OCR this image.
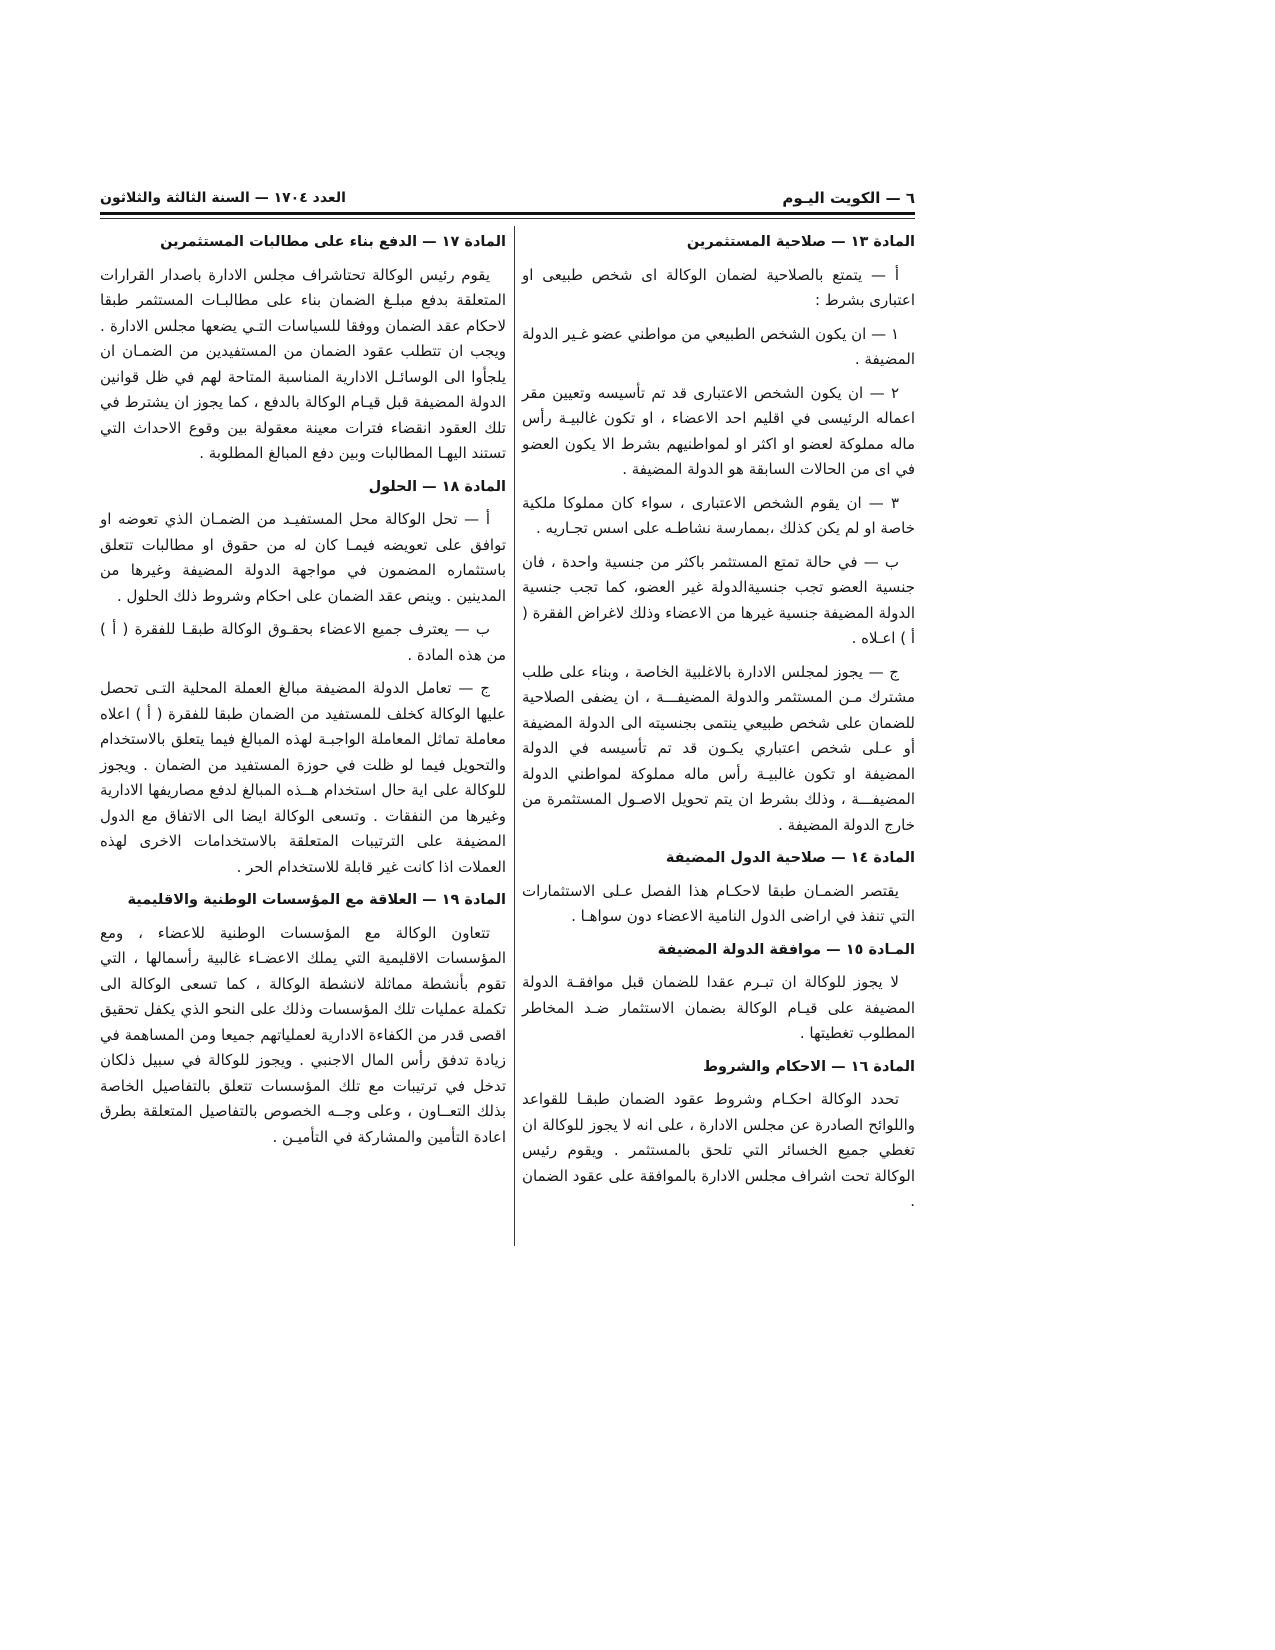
٦ — الكويت اليـوم
العدد ١٧٠٤ — السنة الثالثة والثلاثون
المادة ١٣ — صلاحية المستثمرين

أ — يتمتع بالصلاحية لضمان الوكالة اى شخص طبيعى او اعتبارى بشرط :

١ — ان يكون الشخص الطبيعي من مواطني عضو غـير الدولة المضيفة .

٢ — ان يكون الشخص الاعتبارى قد تم تأسيسه وتعيين مقر اعماله الرئيسى في اقليم احد الاعضاء ، او تكون غالبيـة رأس ماله مملوكة لعضو او اكثر او لمواطنيهم بشرط الا يكون العضو في اى من الحالات السابقة هو الدولة المضيفة .

٣ — ان يقوم الشخص الاعتبارى ، سواء كان مملوكا ملكية خاصة او لم يكن كذلك ،بممارسة نشاطـه على اسس تجـاريه .

ب — في حالة تمتع المستثمر باكثر من جنسية واحدة ، فان جنسية العضو تجب جنسيةالدولة غير العضو، كما تجب جنسية الدولة المضيفة جنسية غيرها من الاعضاء وذلك لاغراض الفقرة ( أ ) اعـلاه .

ج — يجوز لمجلس الادارة بالاغلبية الخاصة ، وبناء على طلب مشترك مـن المستثمر والدولة المضيفـــة ، ان يضفى الصلاحية للضمان على شخص طبيعي ينتمى بجنسيته الى الدولة المضيفة أو عـلى شخص اعتباري يكـون قد تم تأسيسه في الدولة المضيفة او تكون غالبيـة رأس ماله مملوكة لمواطني الدولة المضيفـــة ، وذلك بشرط ان يتم تحويل الاصـول المستثمرة من خارج الدولة المضيفة .

المادة ١٤ — صلاحية الدول المضيفة

يقتصر الضمـان طبقا لاحكـام هذا الفصل عـلى الاستثمارات التي تنفذ في اراضى الدول النامية الاعضاء دون سواهـا .

المـادة ١٥ — موافقة الدولة المضيفة

لا يجوز للوكالة ان تبـرم عقدا للضمان قبل موافقـة الدولة المضيفة على قيـام الوكالة بضمان الاستثمار ضـد المخاطر المطلوب تغطيتها .

المادة ١٦ — الاحكام والشروط

تحدد الوكالة احكـام وشروط عقود الضمان طبقـا للقواعد واللوائح الصادرة عن مجلس الادارة ، على انه لا يجوز للوكالة ان تغطي جميع الخسائر التي تلحق بالمستثمر . ويقوم رئيس الوكالة تحت اشراف مجلس الادارة بالموافقة على عقود الضمان .

المادة ١٧ — الدفع بناء على مطالبات المستثمرين

يقوم رئيس الوكالة تحتاشراف مجلس الادارة باصدار القرارات المتعلقة بدفع مبلـغ الضمان بناء على مطالبـات المستثمر طبقا لاحكام عقد الضمان ووفقا للسياسات التـي يضعها مجلس الادارة . ويجب ان تتطلب عقود الضمان من المستفيدين من الضمـان ان يلجأوا الى الوسائـل الادارية المناسبة المتاحة لهم في ظل قوانين الدولة المضيفة قبل قيـام الوكالة بالدفع ، كما يجوز ان يشترط في تلك العقود انقضاء فترات معينة معقولة بين وقوع الاحداث التي تستند اليهـا المطالبات وبين دفع المبالغ المطلوبة .

المادة ١٨ — الحلول

أ — تحل الوكالة محل المستفيـد من الضمـان الذي تعوضه او توافق على تعويضه فيمـا كان له من حقوق او مطالبات تتعلق باستثماره المضمون في مواجهة الدولة المضيفة وغيرها من المدينين . وينص عقد الضمان على احكام وشروط ذلك الحلول .

ب — يعترف جميع الاعضاء بحقـوق الوكالة طبقـا للفقرة ( أ ) من هذه المادة .

ج — تعامل الدولة المضيفة مبالغ العملة المحلية التـى تحصل عليها الوكالة كخلف للمستفيد من الضمان طبقا للفقرة ( أ ) اعلاه معاملة تماثل المعاملة الواجبـة لهذه المبالغ فيما يتعلق بالاستخدام والتحويل فيما لو ظلت في حوزة المستفيد من الضمان . ويجوز للوكالة على اية حال استخدام هــذه المبالغ لدفع مصاريفها الادارية وغيرها من النفقات . وتسعى الوكالة ايضا الى الاتفاق مع الدول المضيفة على الترتيبات المتعلقة بالاستخدامات الاخرى لهذه العملات اذا كانت غير قابلة للاستخدام الحر .

المادة ١٩ — العلاقة مع المؤسسات الوطنية والاقليمية

تتعاون الوكالة مع المؤسسات الوطنية للاعضاء ، ومع المؤسسات الاقليمية التي يملك الاعضـاء غالبية رأسمالها ، التي تقوم بأنشطة مماثلة لانشطة الوكالة ، كما تسعى الوكالة الى تكملة عمليات تلك المؤسسات وذلك على النحو الذي يكفل تحقيق اقصى قدر من الكفاءة الادارية لعملياتهم جميعا ومن المساهمة في زيادة تدفق رأس المال الاجنبي . ويجوز للوكالة في سبيل ذلكان تدخل في ترتيبات مع تلك المؤسسات تتعلق بالتفاصيل الخاصة بذلك التعــاون ، وعلى وجــه الخصوص بالتفاصيل المتعلقة بطرق اعادة التأمين والمشاركة في التأميـن .
